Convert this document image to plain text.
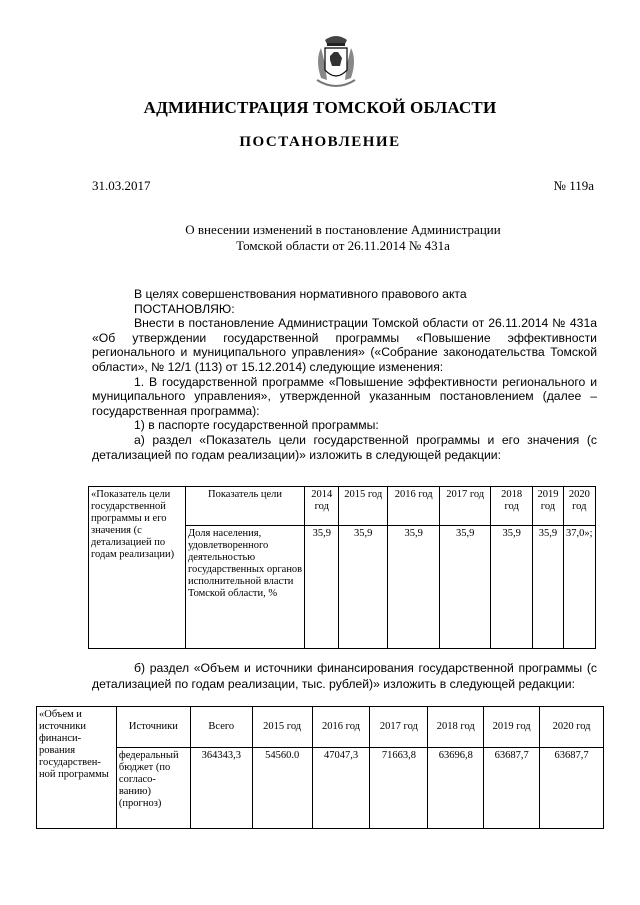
АДМИНИСТРАЦИЯ ТОМСКОЙ ОБЛАСТИ
ПОСТАНОВЛЕНИЕ
31.03.2017	№ 119а
О внесении изменений в постановление Администрации
Томской области от 26.11.2014 № 431а

В целях совершенствования нормативного правового акта

ПОСТАНОВЛЯЮ:

Внести в постановление Администрации Томской области от 26.11.2014 № 431а «Об утверждении государственной программы «Повышение эффективности регионального и муниципального управления» («Собрание законодательства Томской области», № 12/1 (113) от 15.12.2014) следующие изменения:

1. В государственной программе «Повышение эффективности регионального и муниципального управления», утвержденной указанным постановлением (далее – государственная программа):

1) в паспорте государственной программы:

а) раздел «Показатель цели государственной программы и его значения (с детализацией по годам реализации)» изложить в следующей редакции:

«Показатель цели государственной программы и его значения (с детализацией по годам реализации)	Показатель цели	2014 год	2015 год	2016 год	2017 год	2018 год	2019 год	2020 год
	Доля населения, удовлетворенного деятельностью государственных органов исполнительной власти Томской области, %	35,9	35,9	35,9	35,9	35,9	35,9	37,0»;

б) раздел «Объем и источники финансирования государственной программы (с детализацией по годам реализации, тыс. рублей)» изложить в следующей редакции:

«Объем и источники финанси-рования государствен-ной программы	Источники	Всего	2015 год	2016 год	2017 год	2018 год	2019 год	2020 год
	федеральный бюджет (по согласо-ванию) (прогноз)	364343,3	54560.0	47047,3	71663,8	63696,8	63687,7	63687,7
